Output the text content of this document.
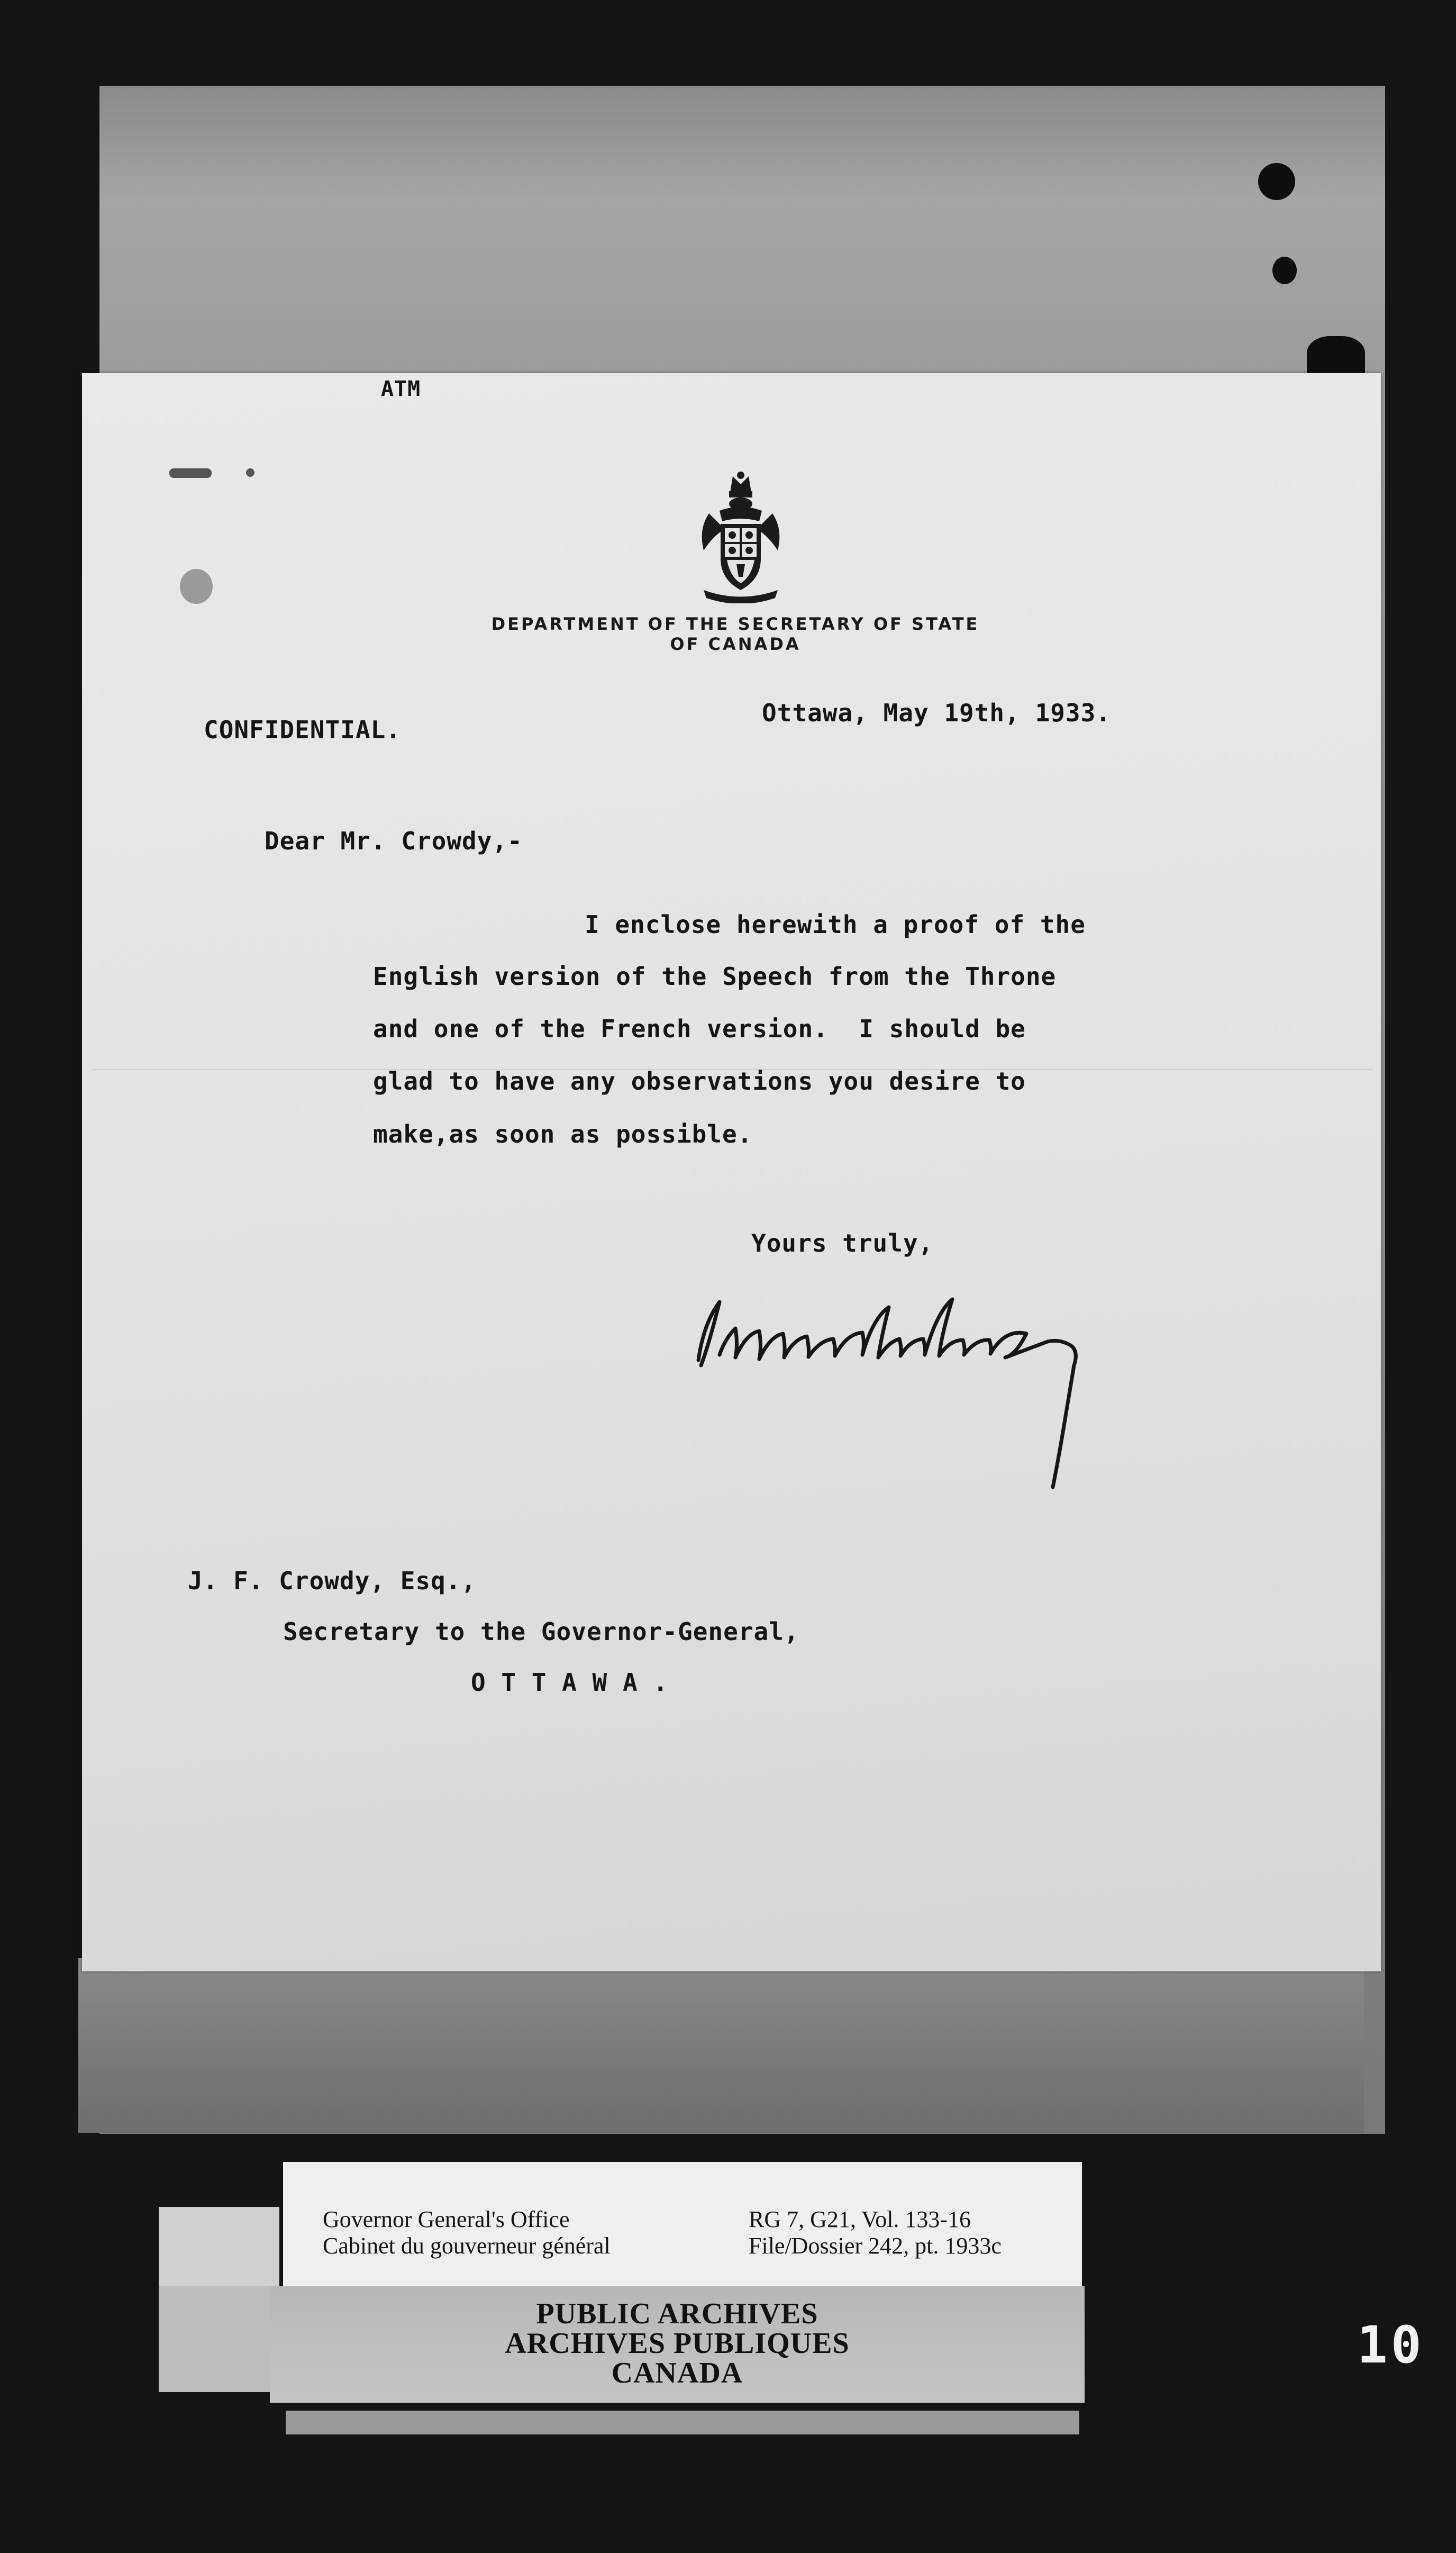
ATM
DEPARTMENT OF THE SECRETARY OF STATE
OF CANADA
CONFIDENTIAL.
Ottawa, May 19th, 1933.
Dear Mr. Crowdy,-
I enclose herewith a proof of the
English version of the Speech from the Throne
and one of the French version.  I should be
glad to have any observations you desire to
make,as soon as possible.
Yours truly,
J. F. Crowdy, Esq.,
Secretary to the Governor-General,
O T T A W A .
Governor General's Office
Cabinet du gouverneur général
RG 7, G21, Vol. 133-16
File/Dossier 242, pt. 1933c
PUBLIC ARCHIVES
ARCHIVES PUBLIQUES
CANADA	10
